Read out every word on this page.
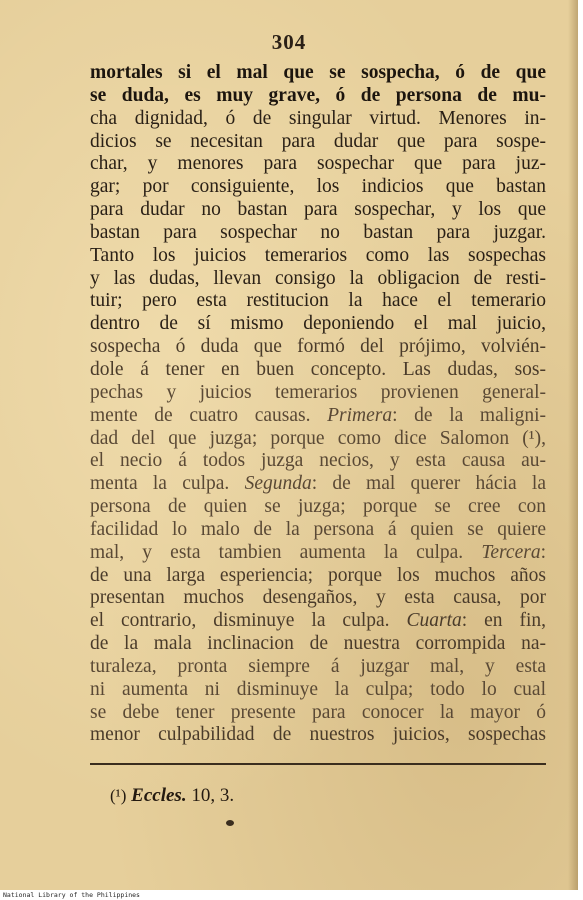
304
mortales si el mal que se sospecha, ó de que
se duda, es muy grave, ó de persona de mu-
cha dignidad, ó de singular virtud. Menores in-
dicios se necesitan para dudar que para sospe-
char, y menores para sospechar que para juz-
gar; por consiguiente, los indicios que bastan
para dudar no bastan para sospechar, y los que
bastan para sospechar no bastan para juzgar.
Tanto los juicios temerarios como las sospechas
y las dudas, llevan consigo la obligacion de resti-
tuir; pero esta restitucion la hace el temerario
dentro de sí mismo deponiendo el mal juicio,
sospecha ó duda que formó del prójimo, volvién-
dole á tener en buen concepto. Las dudas, sos-
pechas y juicios temerarios provienen general-
mente de cuatro causas. Primera: de la maligni-
dad del que juzga; porque como dice Salomon (¹),
el necio á todos juzga necios, y esta causa au-
menta la culpa. Segunda: de mal querer hácia la
persona de quien se juzga; porque se cree con
facilidad lo malo de la persona á quien se quiere
mal, y esta tambien aumenta la culpa. Tercera:
de una larga esperiencia; porque los muchos años
presentan muchos desengaños, y esta causa, por
el contrario, disminuye la culpa. Cuarta: en fin,
de la mala inclinacion de nuestra corrompida na-
turaleza, pronta siempre á juzgar mal, y esta
ni aumenta ni disminuye la culpa; todo lo cual
se debe tener presente para conocer la mayor ó
menor culpabilidad de nuestros juicios, sospechas
(¹) Eccles. 10, 3.
National Library of the Philippines
